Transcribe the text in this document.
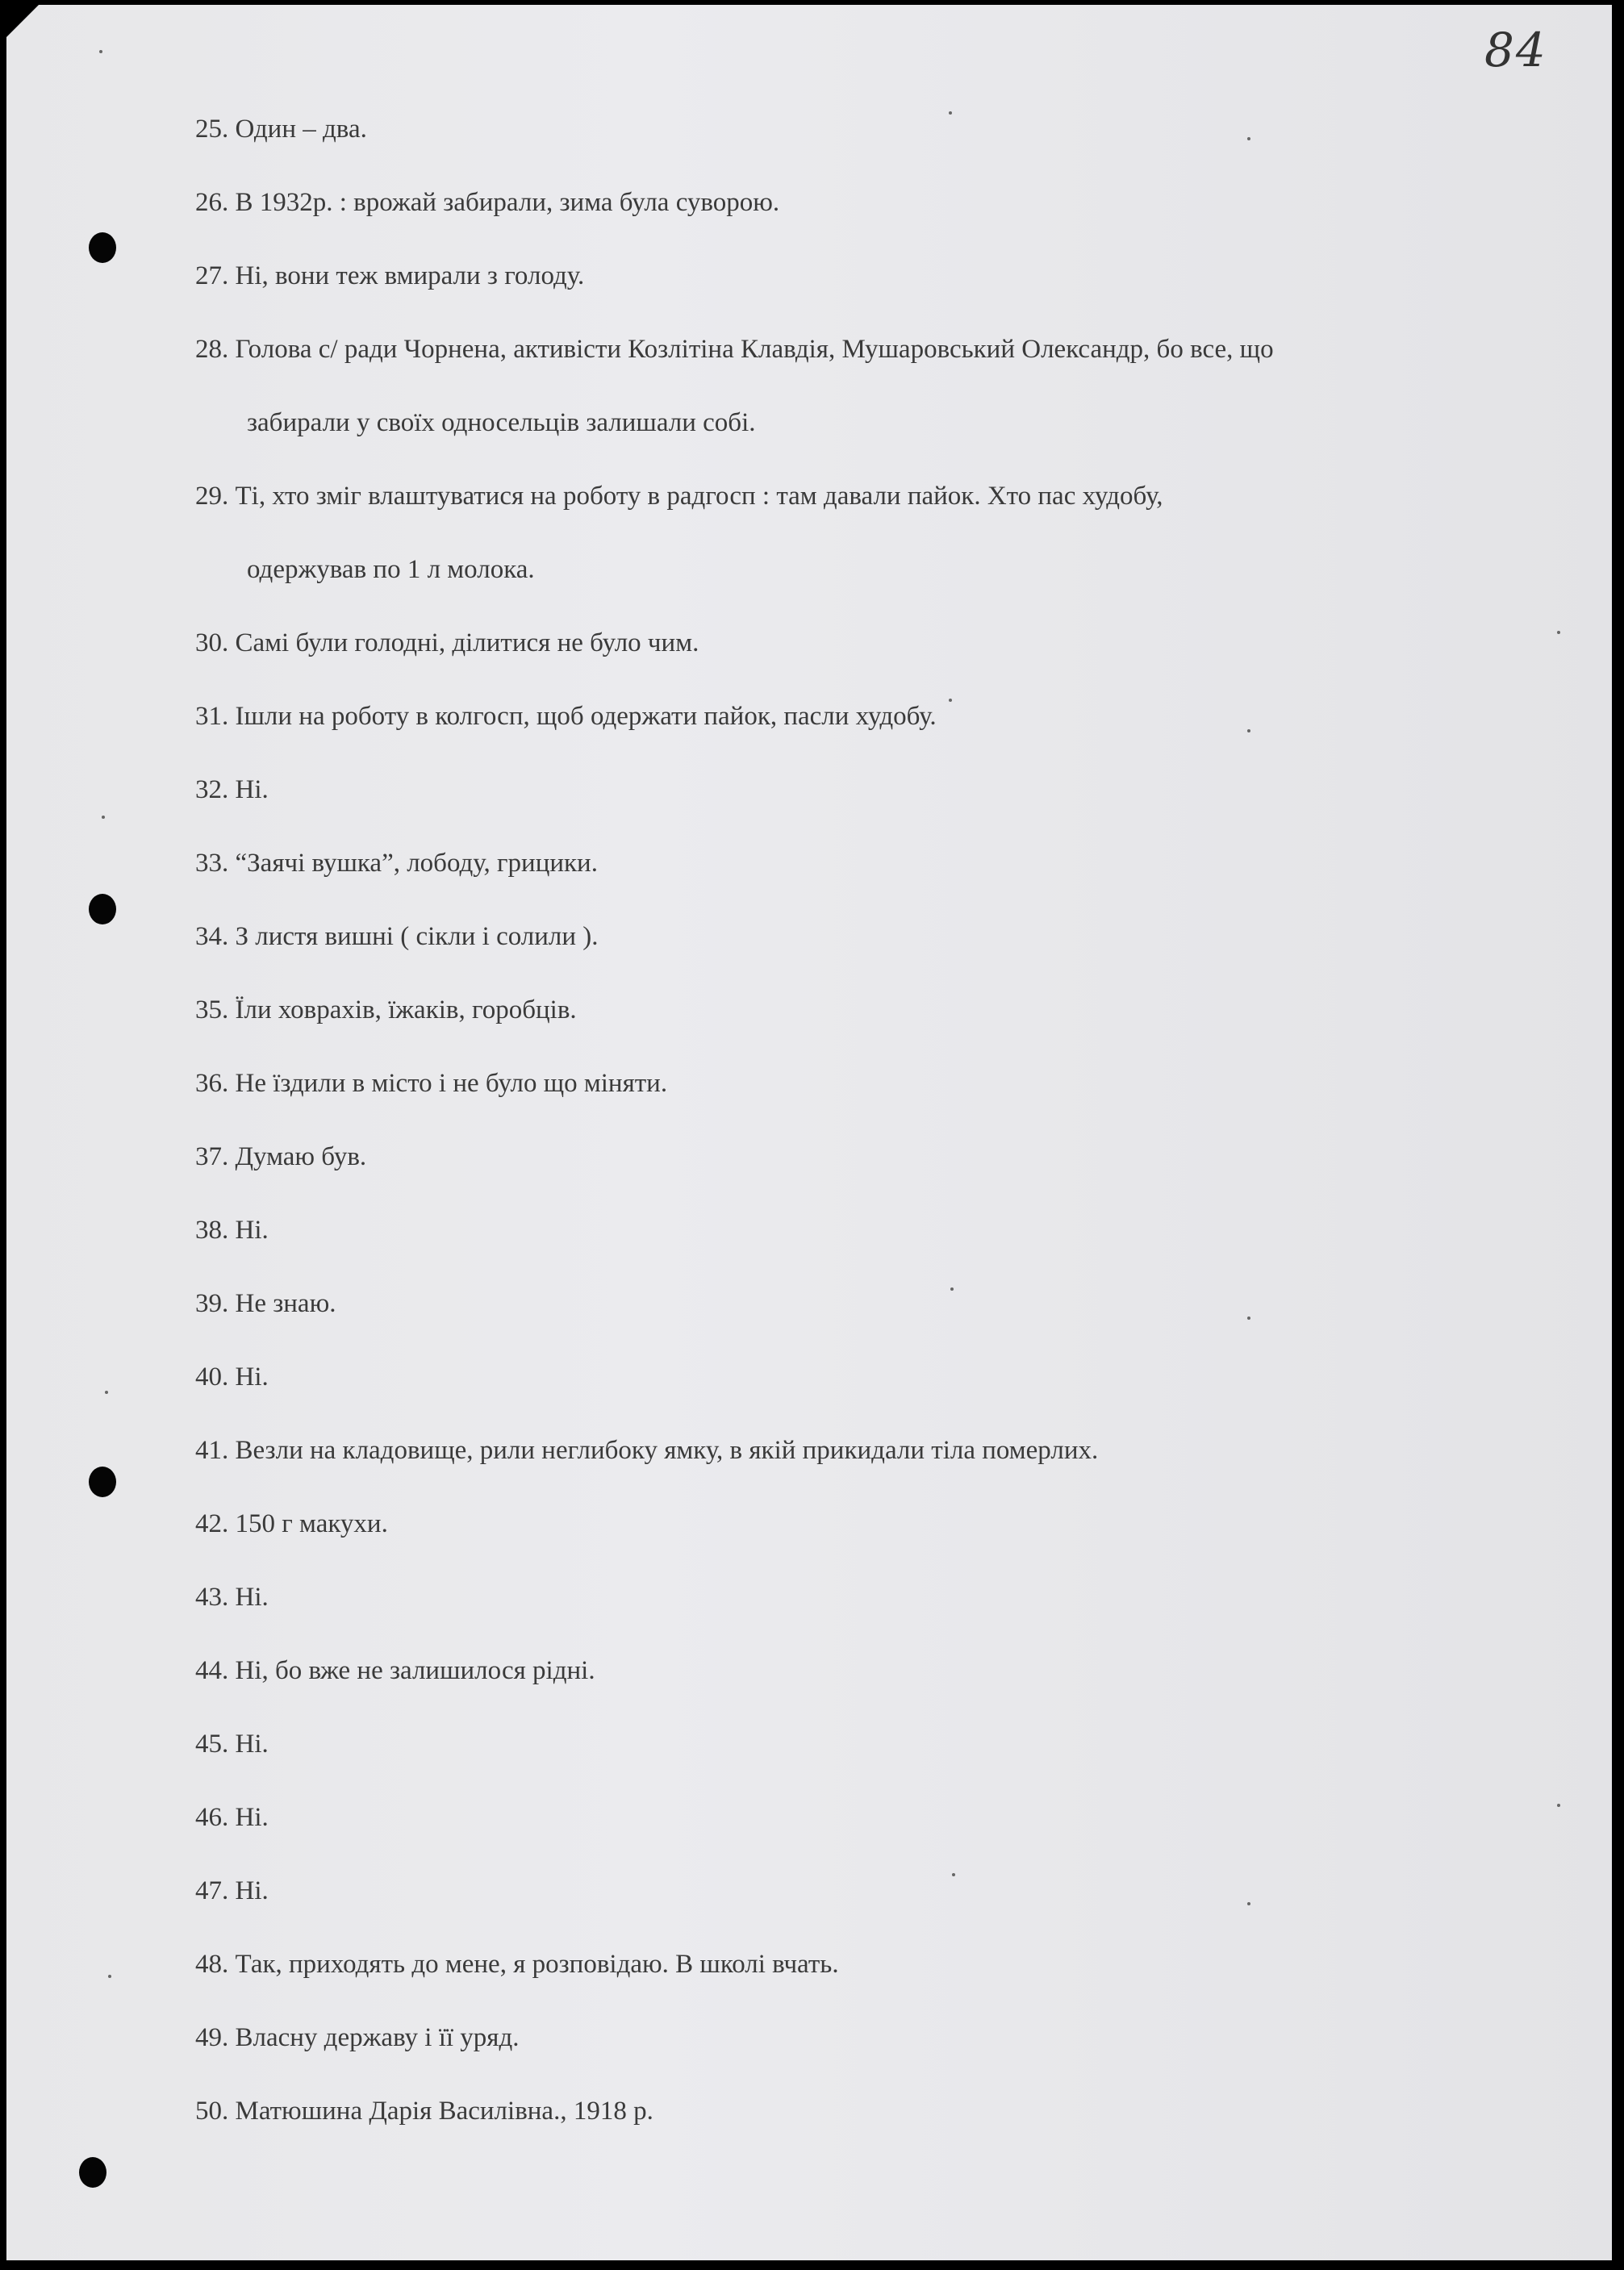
84
25. Один – два.
26. В 1932р. : врожай забирали, зима була суворою.
27. Ні, вони теж вмирали з голоду.
28. Голова с/ ради Чорнена, активісти Козлітіна Клавдія, Мушаровський Олександр, бо все, що
забирали у своїх односельців залишали собі.
29. Ті, хто зміг влаштуватися на роботу в радгосп : там давали пайок. Хто пас худобу,
одержував по 1 л молока.
30. Самі були голодні, ділитися не було чим.
31. Ішли на роботу в колгосп, щоб одержати пайок, пасли худобу.
32. Ні.
33. “Заячі вушка”, лободу, грицики.
34. З листя вишні ( сікли і солили ).
35. Їли ховрахів, їжаків, горобців.
36. Не їздили в місто і не було що міняти.
37. Думаю був.
38. Ні.
39. Не знаю.
40. Ні.
41. Везли на кладовище, рили неглибоку ямку, в якій прикидали тіла померлих.
42. 150 г макухи.
43. Ні.
44. Ні, бо вже не залишилося рідні.
45. Ні.
46. Ні.
47. Ні.
48. Так, приходять до мене, я розповідаю. В школі вчать.
49. Власну державу і її уряд.
50. Матюшина Дарія Василівна., 1918 р.
